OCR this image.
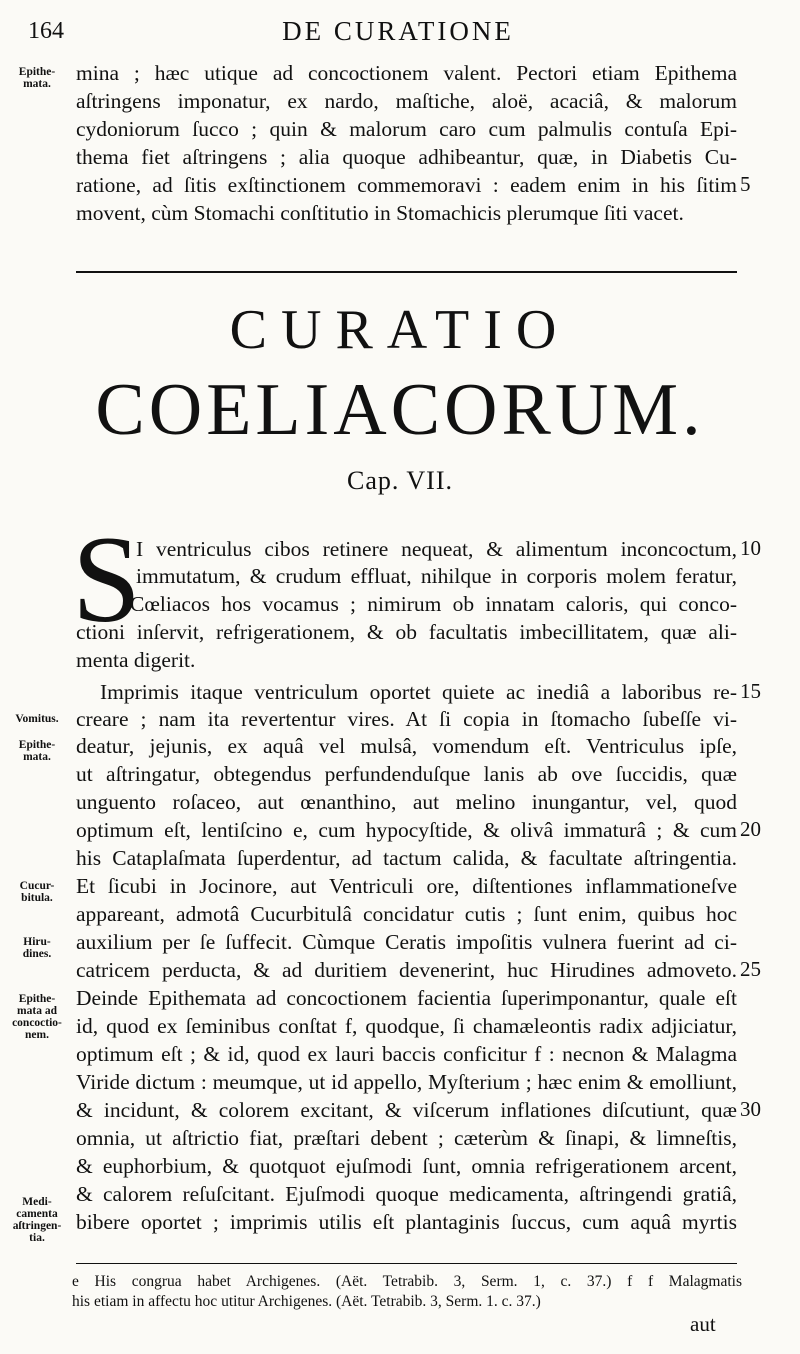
164	DE CURATIONE
Epithe-
mata.	mina ; hæc utique ad concoctionem valent. Pectori etiam Epithema
aſtringens imponatur, ex nardo, maſtiche, aloë, acaciâ, & malorum
cydoniorum ſucco ; quin & malorum caro cum palmulis contuſa Epi-
thema fiet aſtringens ; alia quoque adhibeantur, quæ, in Diabetis Cu-
ratione, ad ſitis exſtinctionem commemoravi : eadem enim in his ſitim
movent, cùm Stomachi conſtitutio in Stomachicis plerumque ſiti vacet.
5
CURATIO
COELIACORUM.
Cap. VII.
S
I ventriculus cibos retinere nequeat, & alimentum inconcoctum,
immutatum, & crudum effluat, nihilque in corporis molem feratur,
Cœliacos hos vocamus ; nimirum ob innatam caloris, qui conco-
ctioni inſervit, refrigerationem, & ob facultatis imbecillitatem, quæ ali-
menta digerit.
10
Imprimis itaque ventriculum oportet quiete ac inediâ a laboribus re-
creare ; nam ita revertentur vires. At ſi copia in ſtomacho ſubeſſe vi-
deatur, jejunis, ex aquâ vel mulsâ, vomendum eſt. Ventriculus ipſe,
ut aſtringatur, obtegendus perfundenduſque lanis ab ove ſuccidis, quæ
unguento roſaceo, aut œnanthino, aut melino inungantur, vel, quod
optimum eſt, lentiſcino e, cum hypocyſtide, & olivâ immaturâ ; & cum
his Cataplaſmata ſuperdentur, ad tactum calida, & facultate aſtringentia.
Et ſicubi in Jocinore, aut Ventriculi ore, diſtentiones inflammationeſve
appareant, admotâ Cucurbitulâ concidatur cutis ; ſunt enim, quibus hoc
auxilium per ſe ſuffecit. Cùmque Ceratis impoſitis vulnera fuerint ad ci-
catricem perducta, & ad duritiem devenerint, huc Hirudines admoveto.
Deinde Epithemata ad concoctionem facientia ſuperimponantur, quale eſt
id, quod ex ſeminibus conſtat f, quodque, ſi chamæleontis radix adjiciatur,
optimum eſt ; & id, quod ex lauri baccis conficitur f : necnon & Malagma
Viride dictum : meumque, ut id appello, Myſterium ; hæc enim & emolliunt,
& incidunt, & colorem excitant, & viſcerum inflationes diſcutiunt, quæ
omnia, ut aſtrictio fiat, præſtari debent ; cæterùm & ſinapi, & limneſtis,
& euphorbium, & quotquot ejuſmodi ſunt, omnia refrigerationem arcent,
& calorem reſuſcitant. Ejuſmodi quoque medicamenta, aſtringendi gratiâ,
bibere oportet ; imprimis utilis eſt plantaginis ſuccus, cum aquâ myrtis
15
20
25
30
Vomitus.
Epithe-
mata.
Cucur-
bitula.
Hiru-
dines.
Epithe-
mata ad
concoctio-
nem.
Medi-
camenta
aſtringen-
tia.
e His congrua habet Archigenes. (Aët. Tetrabib. 3, Serm. 1, c. 37.) f f Malagmatis
his etiam in affectu hoc utitur Archigenes. (Aët. Tetrabib. 3, Serm. 1. c. 37.)
aut
